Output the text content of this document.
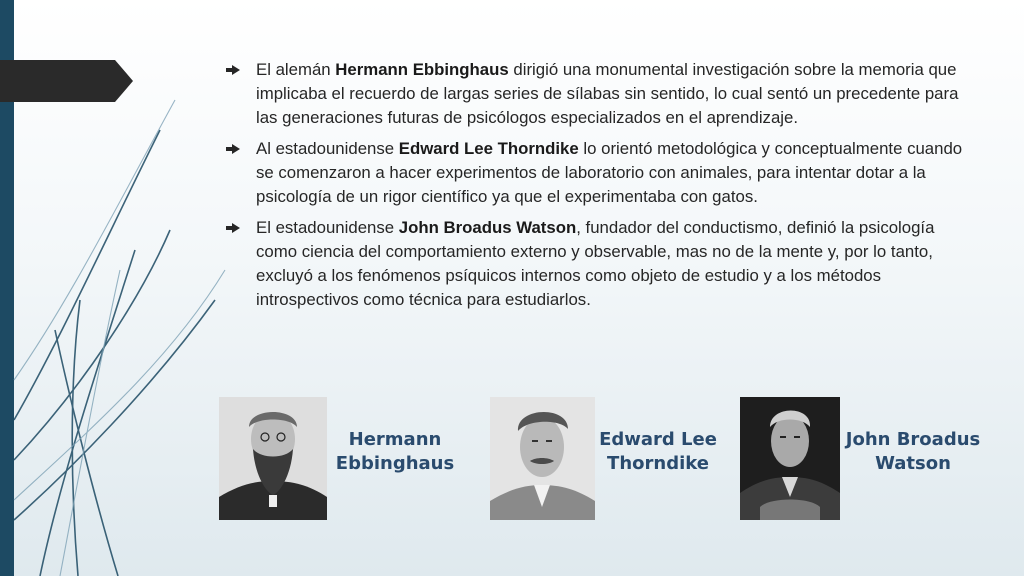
El alemán Hermann Ebbinghaus dirigió una monumental investigación sobre la memoria que implicaba el recuerdo de largas series de sílabas sin sentido, lo cual sentó un precedente para las generaciones futuras de psicólogos especializados en el aprendizaje.
Al estadounidense Edward Lee Thorndike lo orientó metodológica y conceptualmente cuando se comenzaron a hacer experimentos de laboratorio con animales, para intentar dotar a la psicología de un rigor científico ya que el experimentaba con gatos.
El estadounidense John Broadus Watson, fundador del conductismo, definió la psicología como ciencia del comportamiento externo y observable, mas no de la mente y, por lo tanto, excluyó a los fenómenos psíquicos internos como objeto de estudio y a los métodos introspectivos como técnica para estudiarlos.
Hermann
Ebbinghaus
Edward Lee
Thorndike
John Broadus
Watson
